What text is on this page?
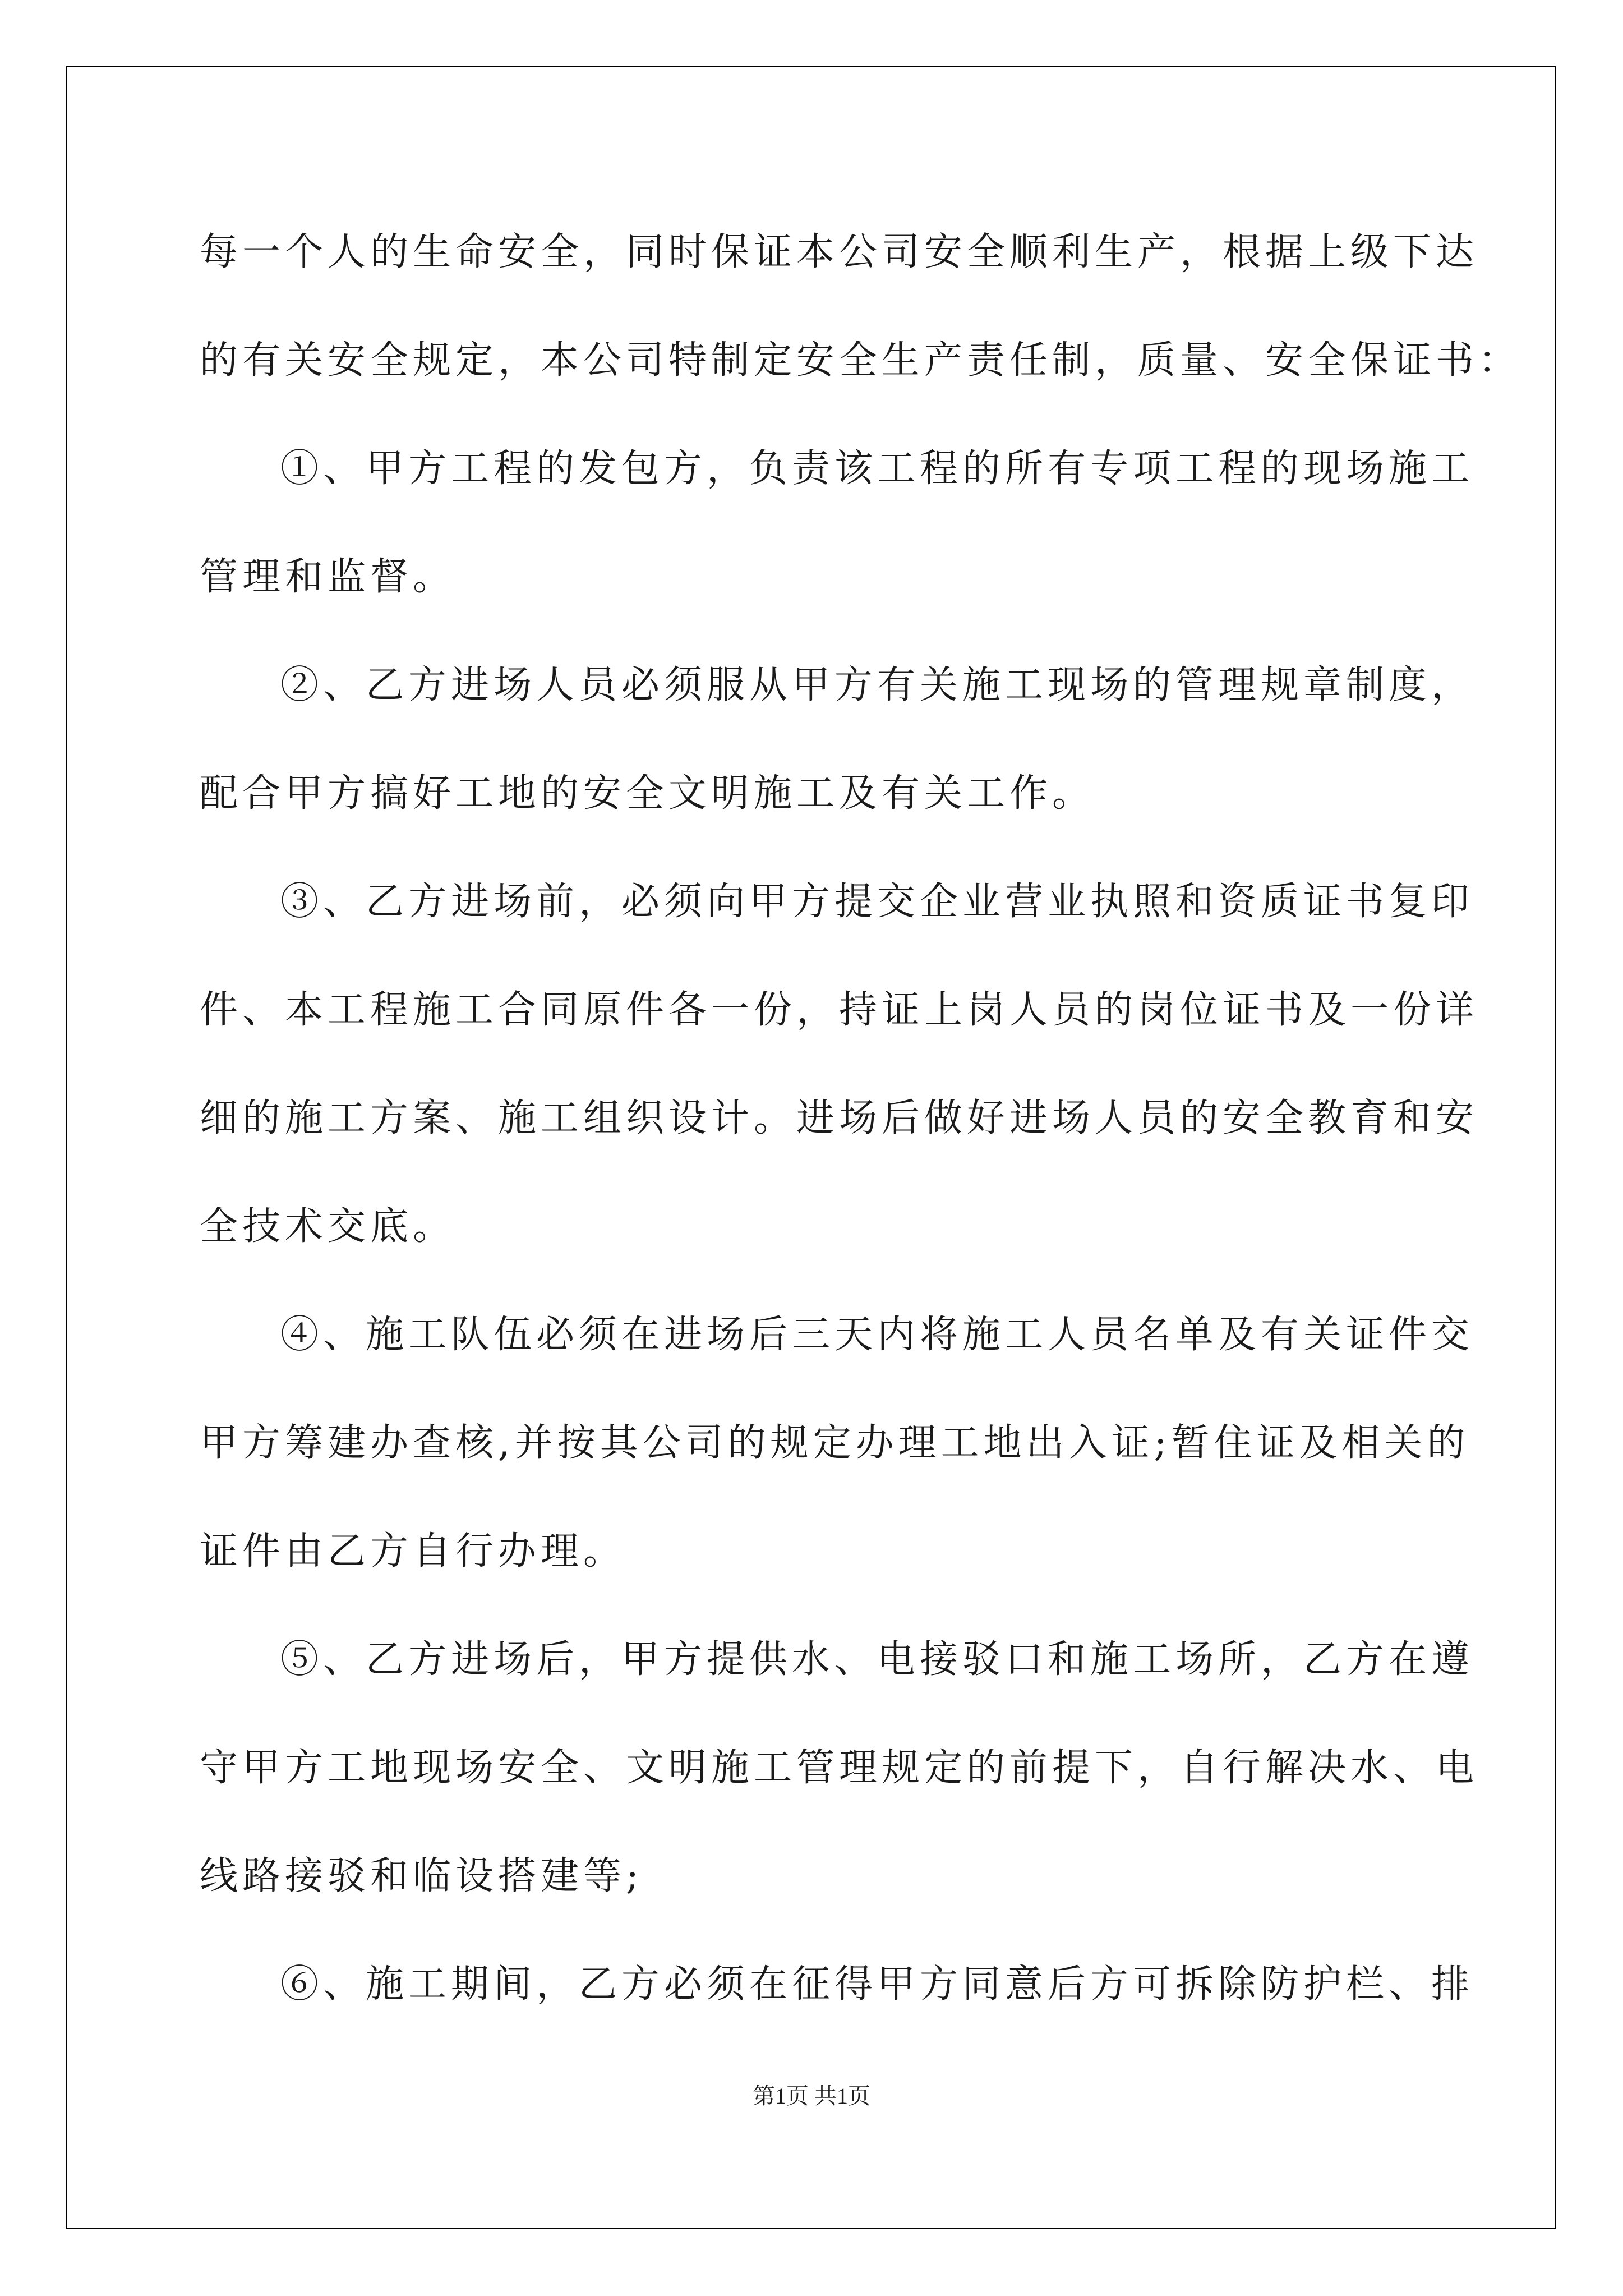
每一个人的生命安全，同时保证本公司安全顺利生产，根据上级下达
的有关安全规定，本公司特制定安全生产责任制，质量、安全保证书：
①、甲方工程的发包方，负责该工程的所有专项工程的现场施工
管理和监督。
②、乙方进场人员必须服从甲方有关施工现场的管理规章制度，
配合甲方搞好工地的安全文明施工及有关工作。
③、乙方进场前，必须向甲方提交企业营业执照和资质证书复印
件、本工程施工合同原件各一份，持证上岗人员的岗位证书及一份详
细的施工方案、施工组织设计。进场后做好进场人员的安全教育和安
全技术交底。
④、施工队伍必须在进场后三天内将施工人员名单及有关证件交
甲方筹建办查核,并按其公司的规定办理工地出入证;暂住证及相关的
证件由乙方自行办理。
⑤、乙方进场后，甲方提供水、电接驳口和施工场所，乙方在遵
守甲方工地现场安全、文明施工管理规定的前提下，自行解决水、电
线路接驳和临设搭建等;
⑥、施工期间，乙方必须在征得甲方同意后方可拆除防护栏、排
第1页 共1页
